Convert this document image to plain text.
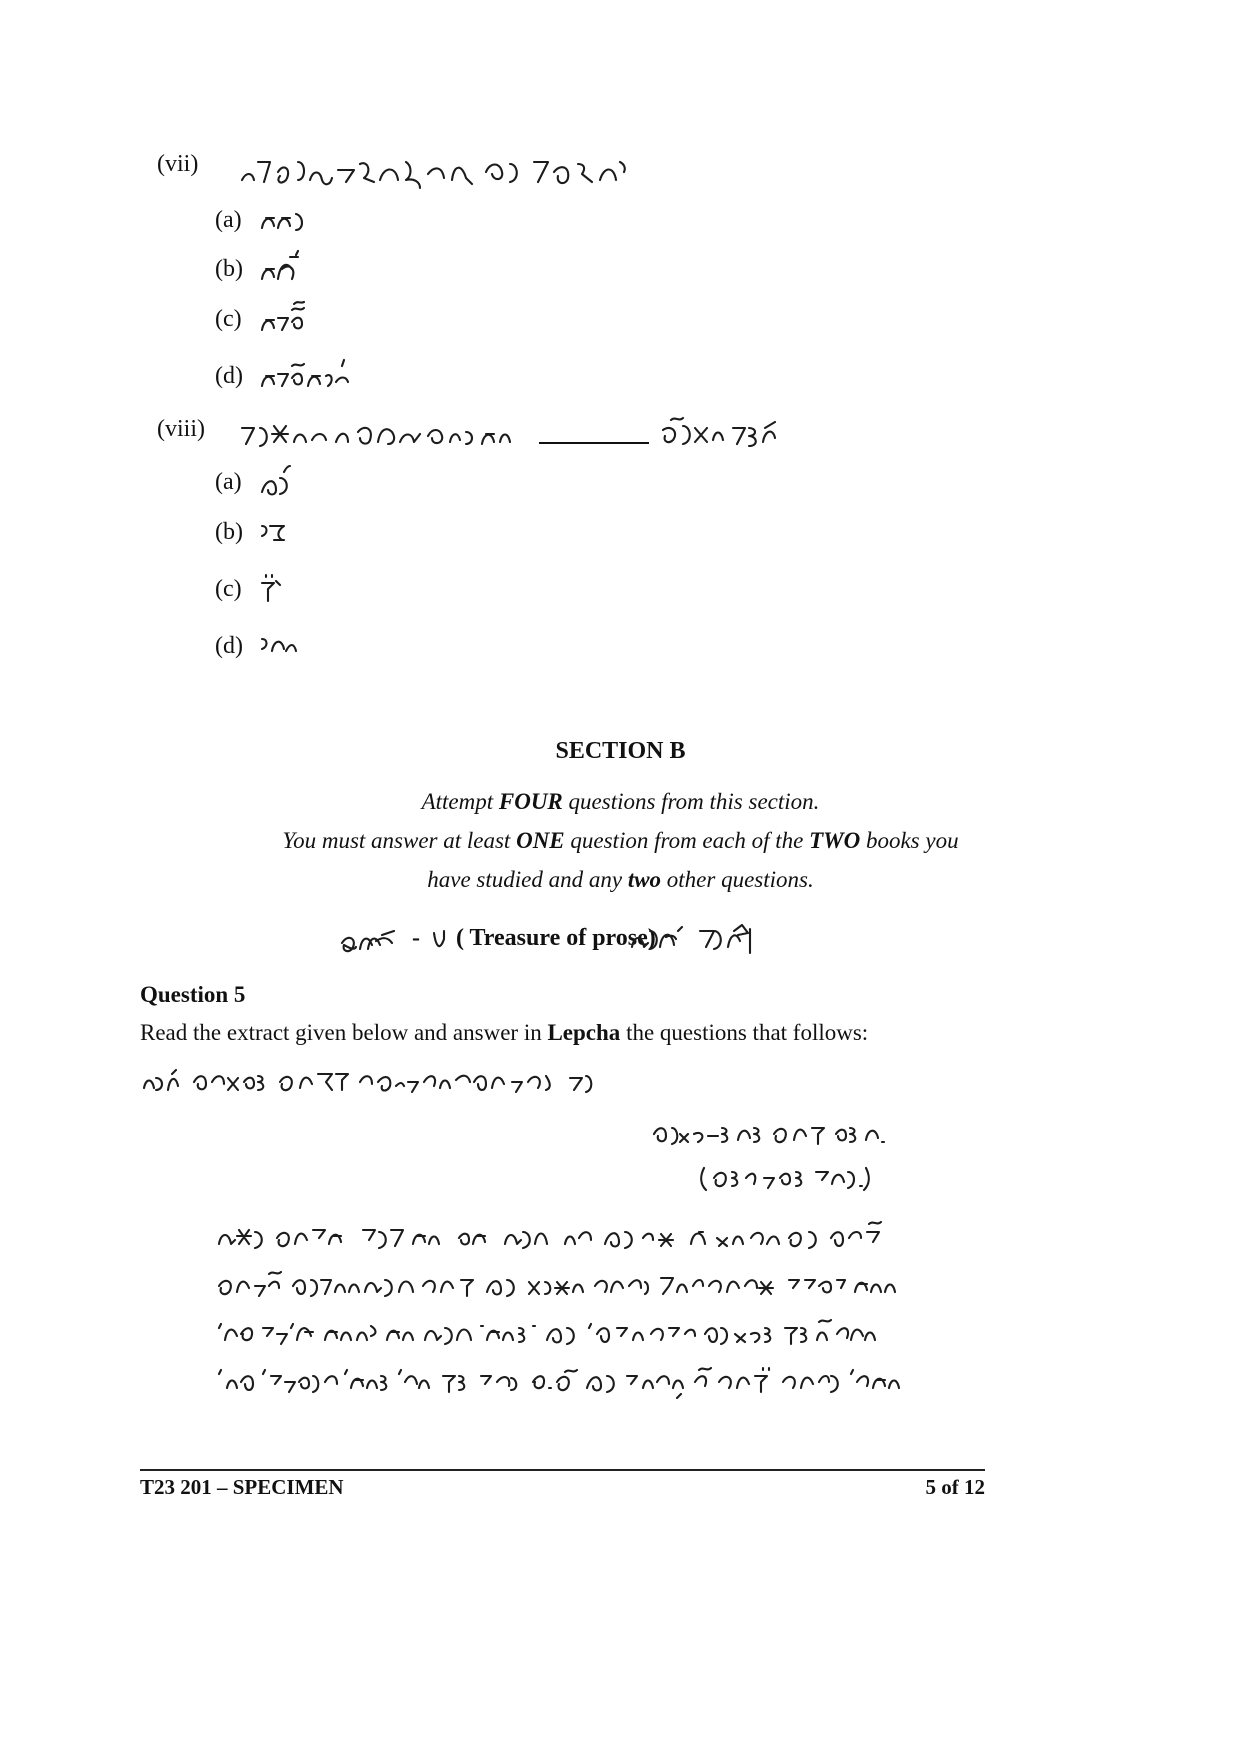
(vii)
(a)
(b)
(c)
(d)
(viii)
(a)
(b)
(c)
(d)
SECTION B
Attempt FOUR questions from this section.
You must answer at least ONE question from each of the TWO books you
have studied and any two other questions.
- ( Treasure of prose)
Question 5
Read the extract given below and answer in Lepcha the questions that follows:
T23 201 – SPECIMEN	5 of 12
